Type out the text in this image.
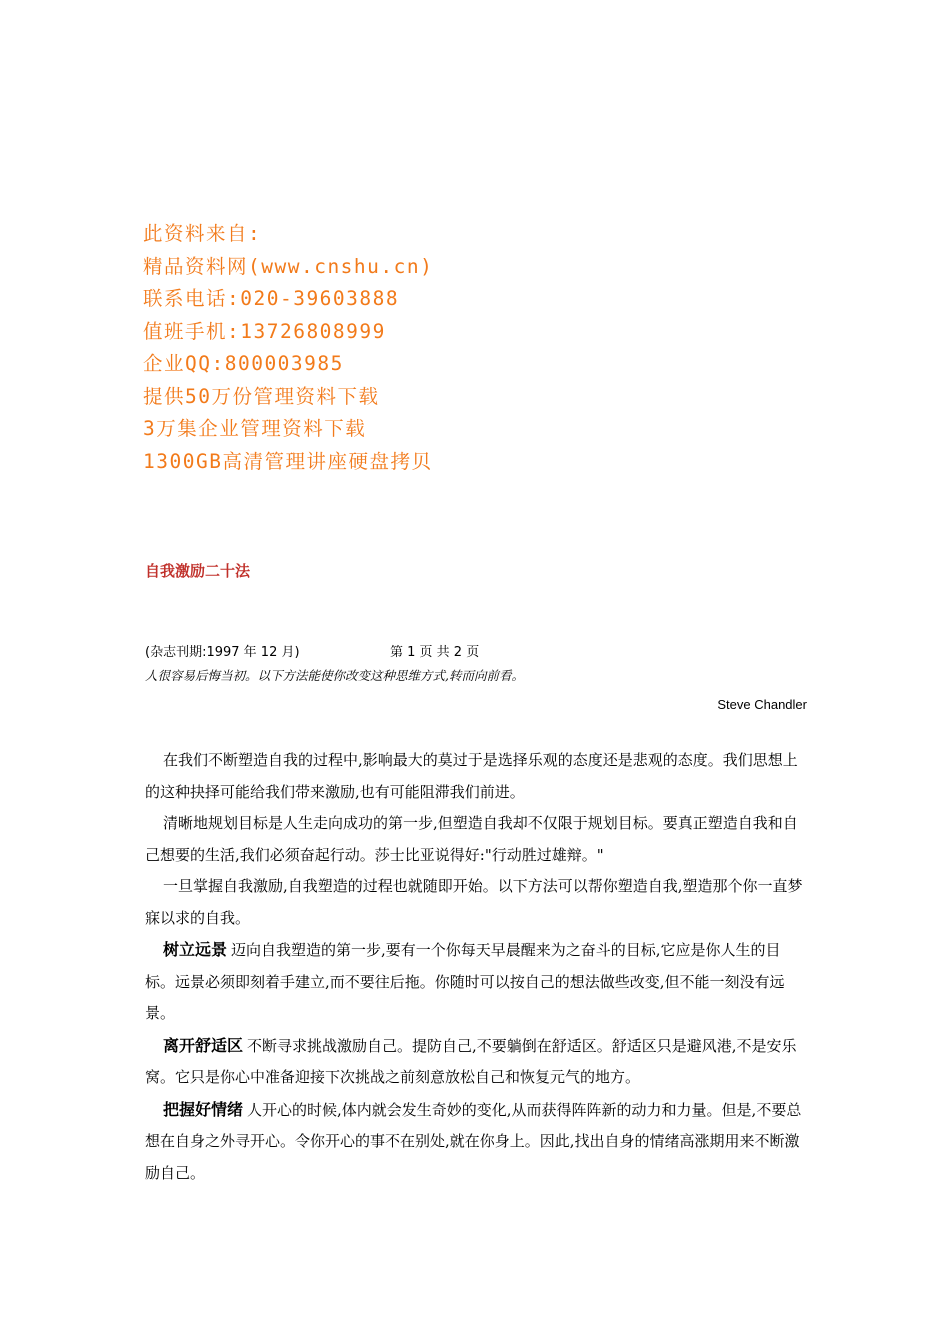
此资料来自:
精品资料网(www.cnshu.cn)
联系电话:020-39603888
值班手机:13726808999
企业QQ:800003985
提供50万份管理资料下载
3万集企业管理资料下载
1300GB高清管理讲座硬盘拷贝
自我激励二十法
(杂志刊期:1997 年 12 月)	第 1 页 共 2 页
人很容易后悔当初。以下方法能使你改变这种思维方式,转而向前看。
Steve Chandler

在我们不断塑造自我的过程中,影响最大的莫过于是选择乐观的态度还是悲观的态度。我们思想上的这种抉择可能给我们带来激励,也有可能阻滞我们前进。

清晰地规划目标是人生走向成功的第一步,但塑造自我却不仅限于规划目标。要真正塑造自我和自己想要的生活,我们必须奋起行动。莎士比亚说得好:"行动胜过雄辩。"

一旦掌握自我激励,自我塑造的过程也就随即开始。以下方法可以帮你塑造自我,塑造那个你一直梦寐以求的自我。

树立远景 迈向自我塑造的第一步,要有一个你每天早晨醒来为之奋斗的目标,它应是你人生的目标。远景必须即刻着手建立,而不要往后拖。你随时可以按自己的想法做些改变,但不能一刻没有远景。

离开舒适区 不断寻求挑战激励自己。提防自己,不要躺倒在舒适区。舒适区只是避风港,不是安乐窝。它只是你心中准备迎接下次挑战之前刻意放松自己和恢复元气的地方。

把握好情绪 人开心的时候,体内就会发生奇妙的变化,从而获得阵阵新的动力和力量。但是,不要总想在自身之外寻开心。令你开心的事不在别处,就在你身上。因此,找出自身的情绪高涨期用来不断激励自己。
